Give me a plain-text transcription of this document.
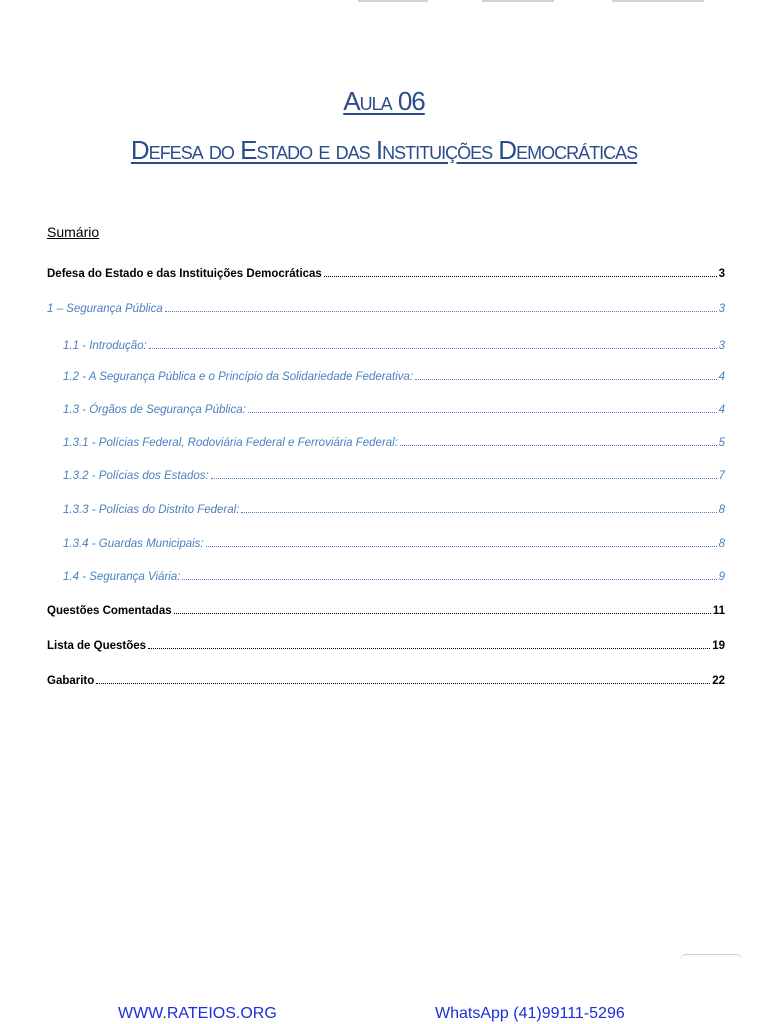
Aula 06
Defesa do Estado e das Instituições Democráticas
Sumário
Defesa do Estado e das Instituições Democráticas	3
1 – Segurança Pública	3
1.1 - Introdução:	3
1.2 - A Segurança Pública e o Princípio da Solidariedade Federativa:	4
1.3 - Órgãos de Segurança Pública:	4
1.3.1 - Polícias Federal, Rodoviária Federal e Ferroviária Federal:	5
1.3.2 - Polícias dos Estados:	7
1.3.3 - Polícias do Distrito Federal:	8
1.3.4 - Guardas Municipais:	8
1.4 - Segurança Viária:	9
Questões Comentadas	11
Lista de Questões	19
Gabarito	22
WWW.RATEIOS.ORG	WhatsApp (41)99111-5296
